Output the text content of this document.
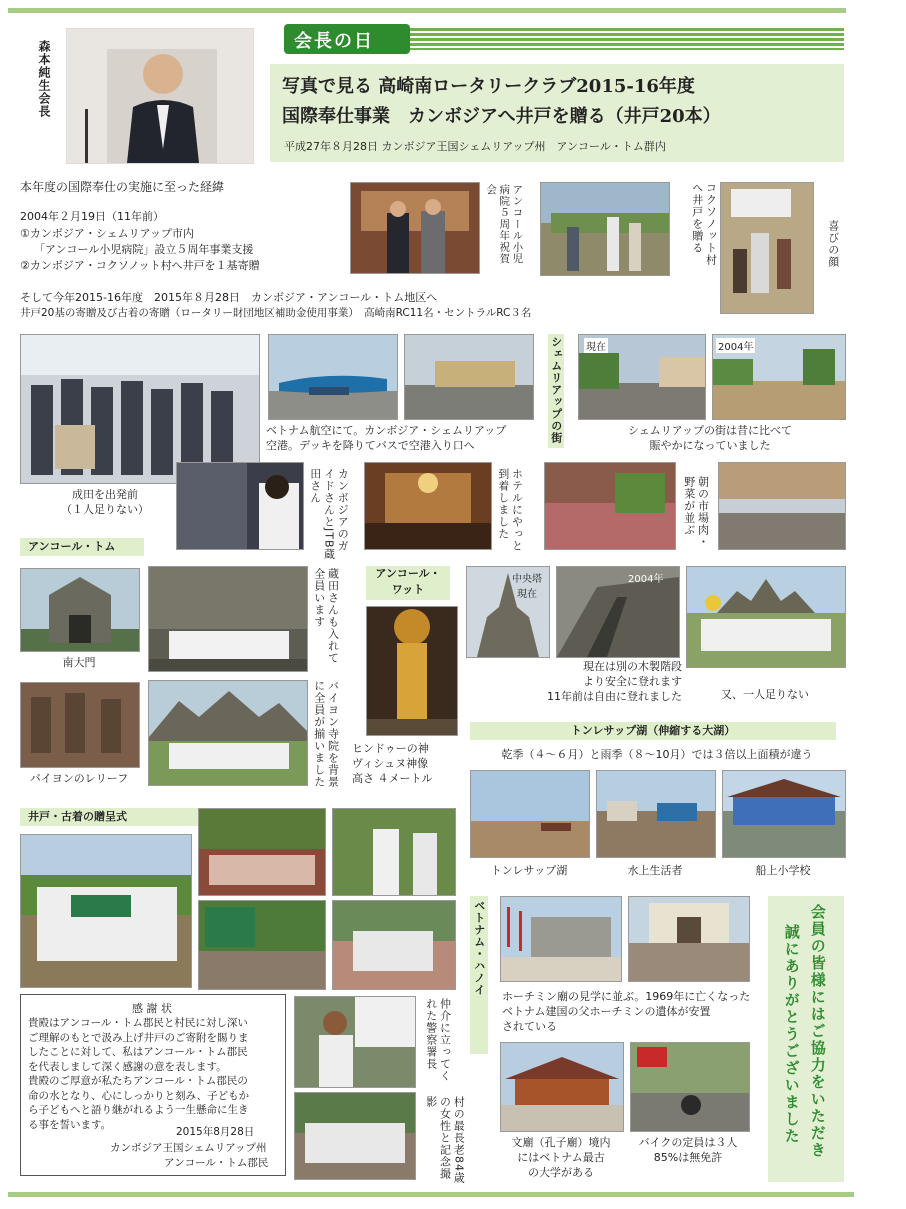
森本純生会長	会長の日
写真で見る 高崎南ロータリークラブ2015-16年度
国際奉仕事業　カンボジアへ井戸を贈る（井戸20本）
平成27年８月28日 カンボジア王国シェムリアップ州　アンコール・トム群内
本年度の国際奉仕の実施に至った経緯
2004年２月19日（11年前）
①カンボジア・シェムリアップ市内
「アンコール小児病院」設立５周年事業支援
②カンボジア・コクソノット村へ井戸を１基寄贈
そして今年2015-16年度　2015年８月28日　カンボジア・アンコール・トム地区へ
井戸20基の寄贈及び古着の寄贈（ロータリー財団地区補助金使用事業）　高崎南RC11名・セントラルRC３名
アンコール小児病院５周年祝賀会	コクソノット村へ井戸を贈る	喜びの顔
ベトナム航空にて。カンボジア・シェムリアップ
空港。デッキを降りてバスで空港入り口へ
シェムリアップの街 現在	2004年
シェムリアップの街は昔に比べて
賑やかになっていました
成田を出発前
（１人足りない）	カンボジアのガイドさんとJTB蔵田さん	ホテルにやっと到着しました	朝の市場肉・野菜が並ぶ
アンコール・トム
南大門	蔵田さんも入れて全員います
バイヨンのレリーフ	バイヨン寺院を背景に全員が揃いました
アンコール・
ワット
ヒンドゥーの神
ヴィシュヌ神像
高さ ４メートル
中央塔
現在
2004年
現在は別の木製階段
より安全に登れます
11年前は自由に登れました	又、一人足りない
トンレサップ湖（伸縮する大湖）
乾季（４～６月）と雨季（８～10月）では３倍以上面積が違う
トンレサップ湖	水上生活者	船上小学校
井戸・古着の贈呈式
感 謝 状
貴殿はアンコール・トム郡民と村民に対し深い
ご理解のもとで汲み上げ井戸のご寄附を賜りま
したことに対して、私はアンコール・トム郡民
を代表しまして深く感謝の意を表します。
貴殿のご厚意が私たちアンコール・トム郡民の
命の水となり、心にしっかりと刻み、子どもか
ら子どもへと語り継がれるよう一生懸命に生き
る事を誓います。
2015年8月28日
カンボジア王国シェムリアップ州
アンコール・トム郡民
仲介に立ってくれた警察署長
村の最長老84歳の女性と記念撮影
ベトナム・ハノイ
ホーチミン廟の見学に並ぶ。1969年に亡くなった
ベトナム建国の父ホーチミンの遺体が安置
されている
文廟（孔子廟）境内
にはベトナム最古
の大学がある
バイクの定員は３人
85%は無免許	会員の皆様にはご協力をいただき
誠にありがとうございました
